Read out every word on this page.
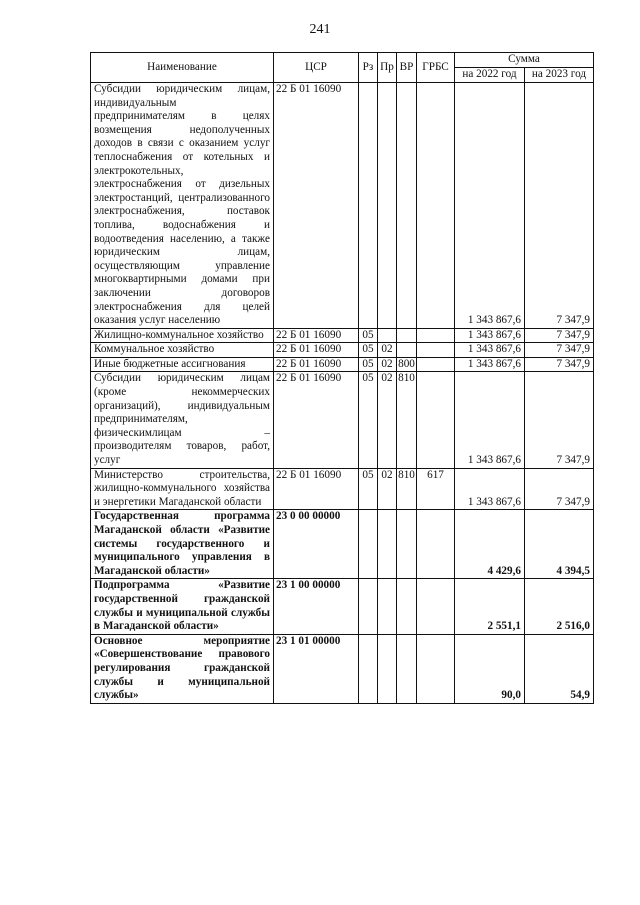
241
Наименование	ЦСР	Рз	Пр	ВР	ГРБС	Сумма	
						на 2022 год	на 2023 год
Субсидии юридическим лицам, индивидуальным предпринимателям в целях возмещения недополученных доходов в связи с оказанием услуг теплоснабжения от котельных и электрокотельных, электроснабжения от дизельных электростанций, централизованного электроснабжения, поставок топлива, водоснабжения и водоотведения населению, а также юридическим лицам, осуществляющим управление многоквартирными домами при заключении договоров электроснабжения для целей оказания услуг населению	22 Б 01 16090					1 343 867,6	7 347,9
Жилищно-коммунальное хозяйство	22 Б 01 16090	05				1 343 867,6	7 347,9
Коммунальное хозяйство	22 Б 01 16090	05	02			1 343 867,6	7 347,9
Иные бюджетные ассигнования	22 Б 01 16090	05	02	800		1 343 867,6	7 347,9
Субсидии юридическим лицам (кроме некоммерческих организаций), индивидуальным предпринимателям, физическимлицам – производителям товаров, работ, услуг	22 Б 01 16090	05	02	810		1 343 867,6	7 347,9
Министерство строительства, жилищно-коммунального хозяйства и энергетики Магаданской области	22 Б 01 16090	05	02	810	617	1 343 867,6	7 347,9
Государственная программа Магаданской области «Развитие системы государственного и муниципального управления в Магаданской области»	23 0 00 00000					4 429,6	4 394,5
Подпрограмма «Развитие государственной гражданской службы и муниципальной службы в Магаданской области»	23 1 00 00000					2 551,1	2 516,0
Основное мероприятие «Совершенствование правового регулирования гражданской службы и муниципальной службы»	23 1 01 00000					90,0	54,9
